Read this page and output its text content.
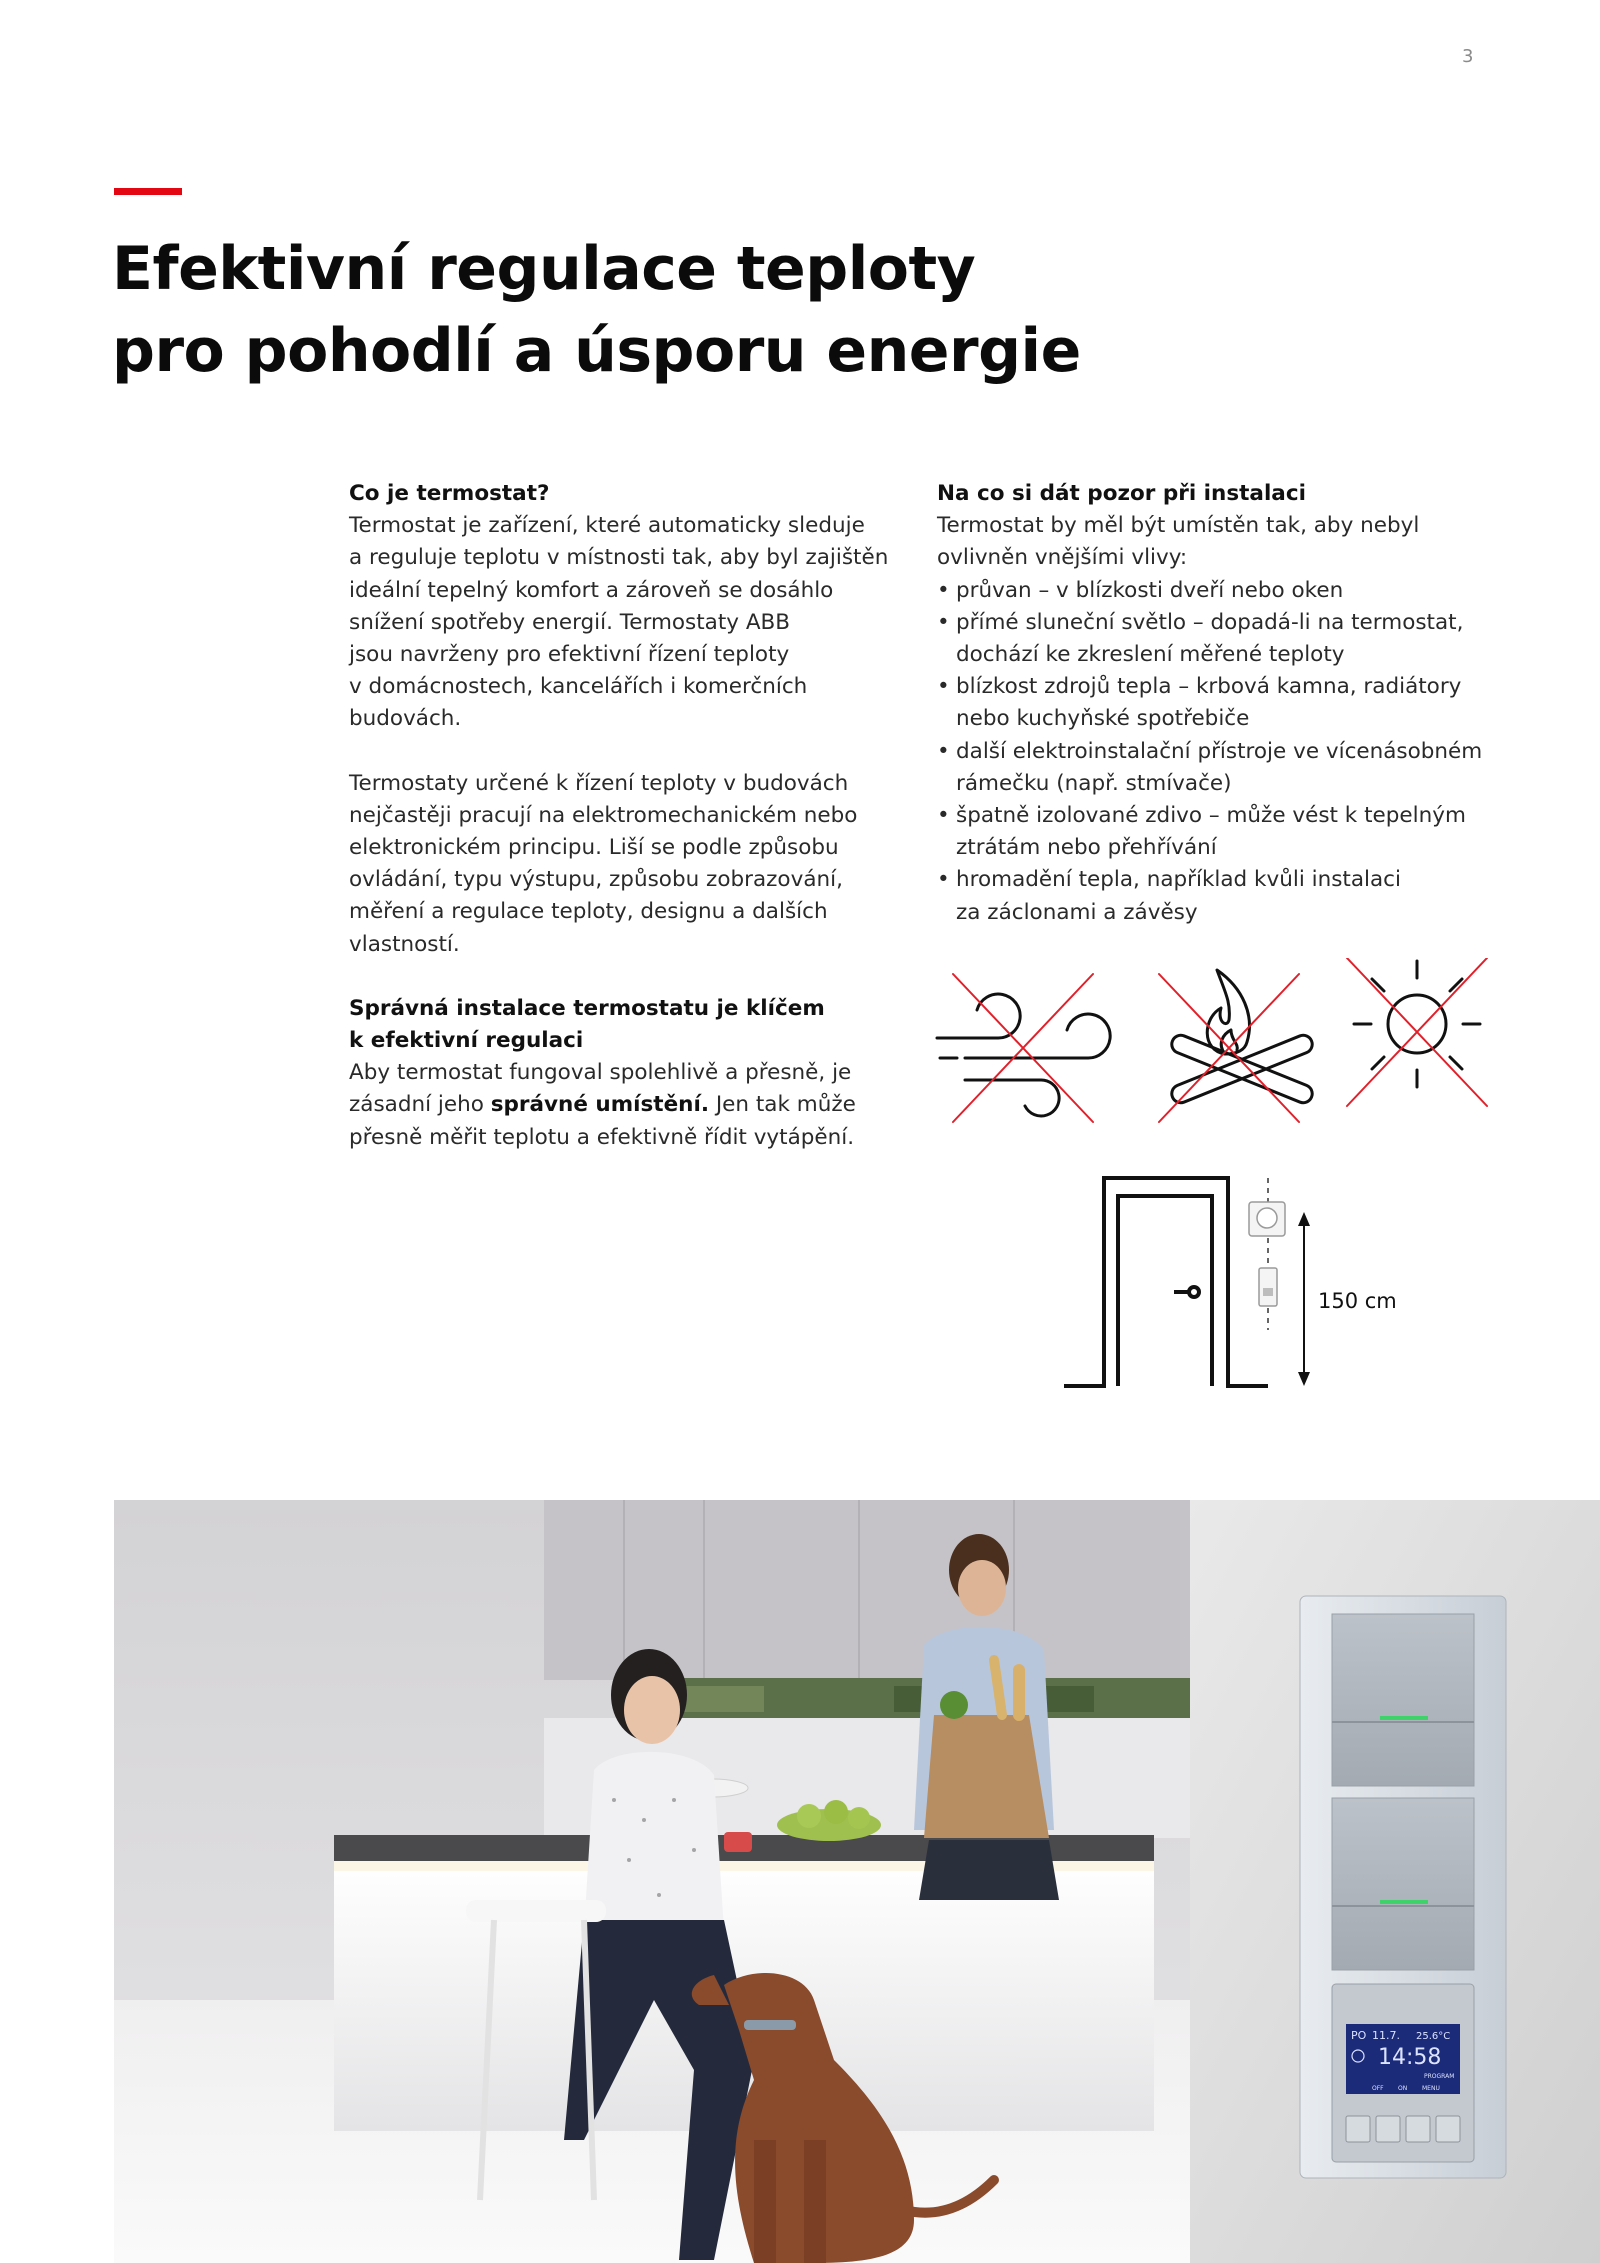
3
Efektivní regulace teploty
pro pohodlí a úsporu energie

Co je termostat?

Termostat je zařízení, které automaticky sleduje

a reguluje teplotu v místnosti tak, aby byl zajištěn

ideální tepelný komfort a zároveň se dosáhlo

snížení spotřeby energií. Termostaty ABB

jsou navrženy pro efektivní řízení teploty

v domácnostech, kancelářích i komerčních

budovách.

Termostaty určené k řízení teploty v budovách

nejčastěji pracují na elektromechanickém nebo

elektronickém principu. Liší se podle způsobu

ovládání, typu výstupu, způsobu zobrazování,

měření a regulace teploty, designu a dalších

vlastností.

Správná instalace termostatu je klíčem

k efektivní regulaci

Aby termostat fungoval spolehlivě a přesně, je

zásadní jeho správné umístění. Jen tak může

přesně měřit teplotu a efektivně řídit vytápění.

Na co si dát pozor při instalaci

Termostat by měl být umístěn tak, aby nebyl

ovlivněn vnějšími vlivy:

• průvan – v blízkosti dveří nebo oken
• přímé sluneční světlo – dopadá-li na termostat,
dochází ke zkreslení měřené teploty
• blízkost zdrojů tepla – krbová kamna, radiátory
nebo kuchyňské spotřebiče
• další elektroinstalační přístroje ve vícenásobném
rámečku (např. stmívače)
• špatně izolované zdivo – může vést k tepelným
ztrátám nebo přehřívání
• hromadění tepla, například kvůli instalaci
za záclonami a závěsy
150 cm
PO 11.7. 25.6°C
14:58
PROGRAM
OFF ON MENU
